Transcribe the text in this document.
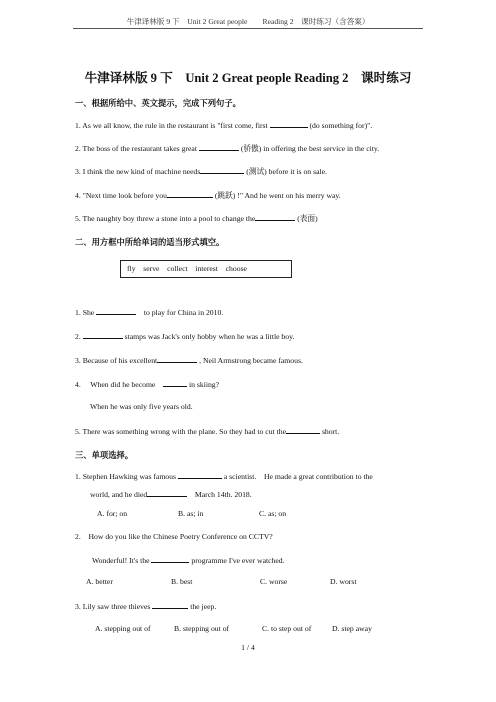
牛津译林版 9 下　Unit 2 Great people　　Reading 2　课时练习（含答案）
牛津译林版 9 下　Unit 2 Great people Reading 2　课时练习
一、根据所给中、英文提示，完成下列句子。
1. As we all know, the rule in the restaurant is "first come, first	(do something for)".
2. The boss of the restaurant takes great	(骄傲) in offering the best service in the city.
3. I think the new kind of machine needs	(测试) before it is on sale.
4. "Next time look before you	(跳跃) !" And he went on his merry way.
5. The naughty boy threw a stone into a pool to change the	(表面)
二、用方框中所给单词的适当形式填空。
fly　serve　collect　interest　choose
1. She	　to play for China in 2010.
2.	stamps was Jack's only hobby when he was a little boy.
3. Because of his excellent	, Neil Armstrong became famous.
4.　 When did he become　	in skiing?
When he was only five years old.
5. There was something wrong with the plane. So they had to cut the	short.
三、单项选择。
1. Stephen Hawking was famous	a scientist.　He made a great contribution to the
world, and he died	　March 14th. 2018.
A. for; on	B. as; in	C. as; on
2.　How do you like the Chinese Poetry Conference on CCTV?
Wonderful! It's the	programme I've ever watched.
A. better	B. best	C. worse	D. worst
3. Lily saw three thieves	the jeep.
A. stepping out of	B. stepping out of	C. to step out of	D. step away
1 / 4
